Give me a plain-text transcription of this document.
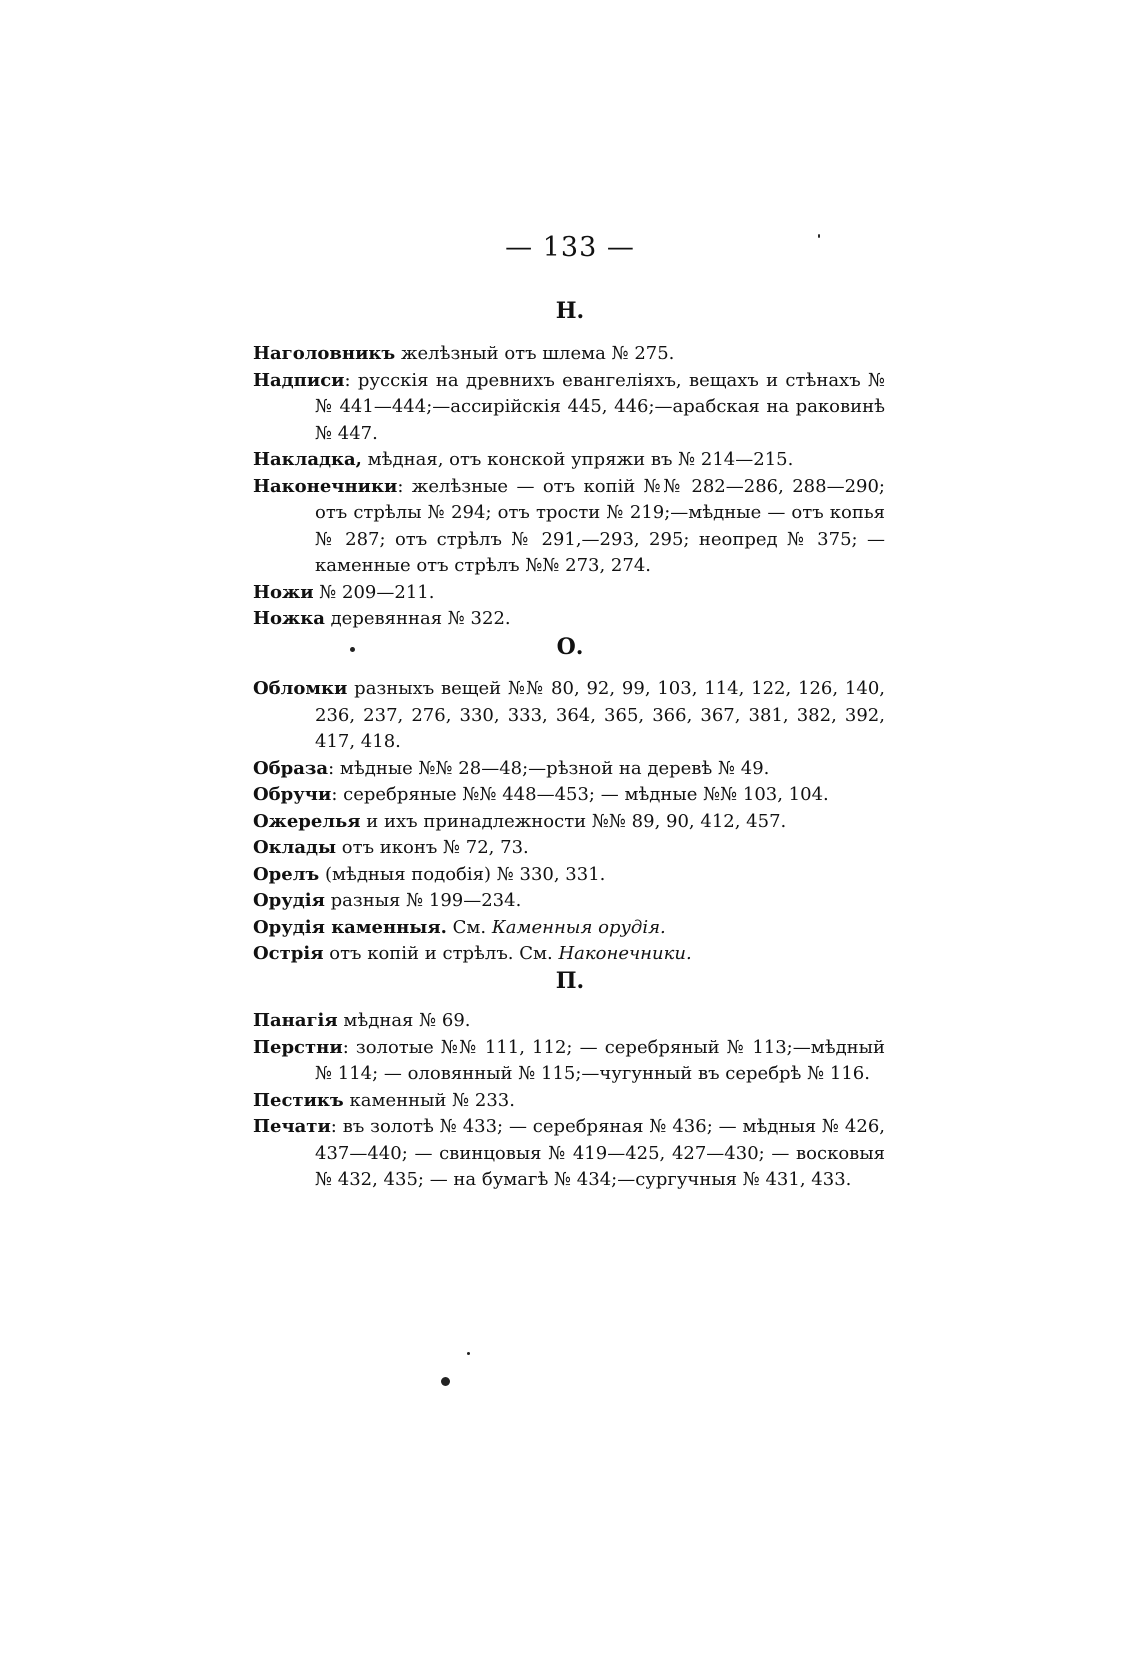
— 133 —
Н.

Наголовникъ желѣзный отъ шлема № 275.

Надписи: русскія на древнихъ евангеліяхъ, вещахъ и стѣнахъ №№ 441—444;—ассирійскія 445, 446;—арабская на раковинѣ № 447.

Накладка, мѣдная, отъ конской упряжи въ № 214—215.

Наконечники: желѣзные — отъ копій №№ 282—286, 288—290; отъ стрѣлы № 294; отъ трости № 219;—мѣдные — отъ копья № 287; отъ стрѣлъ № 291,—293, 295; неопред № 375; — каменные отъ стрѣлъ №№ 273, 274.

Ножи № 209—211.

Ножка деревянная № 322.

О.

Обломки разныхъ вещей №№ 80, 92, 99, 103, 114, 122, 126, 140, 236, 237, 276, 330, 333, 364, 365, 366, 367, 381, 382, 392, 417, 418.

Образа: мѣдные №№ 28—48;—рѣзной на деревѣ № 49.

Обручи: серебряные №№ 448—453; — мѣдные №№ 103, 104.

Ожерелья и ихъ принадлежности №№ 89, 90, 412, 457.

Оклады отъ иконъ № 72, 73.

Орелъ (мѣдныя подобія) № 330, 331.

Орудія разныя № 199—234.

Орудія каменныя. См. Каменныя орудія.

Острія отъ копій и стрѣлъ. См. Наконечники.

П.

Панагія мѣдная № 69.

Перстни: золотые №№ 111, 112; — серебряный № 113;—мѣдный № 114; — оловянный № 115;—чугунный въ серебрѣ № 116.

Пестикъ каменный № 233.

Печати: въ золотѣ № 433; — серебряная № 436; — мѣдныя № 426, 437—440; — свинцовыя № 419—425, 427—430; — восковыя № 432, 435; — на бумагѣ № 434;—сургучныя № 431, 433.
